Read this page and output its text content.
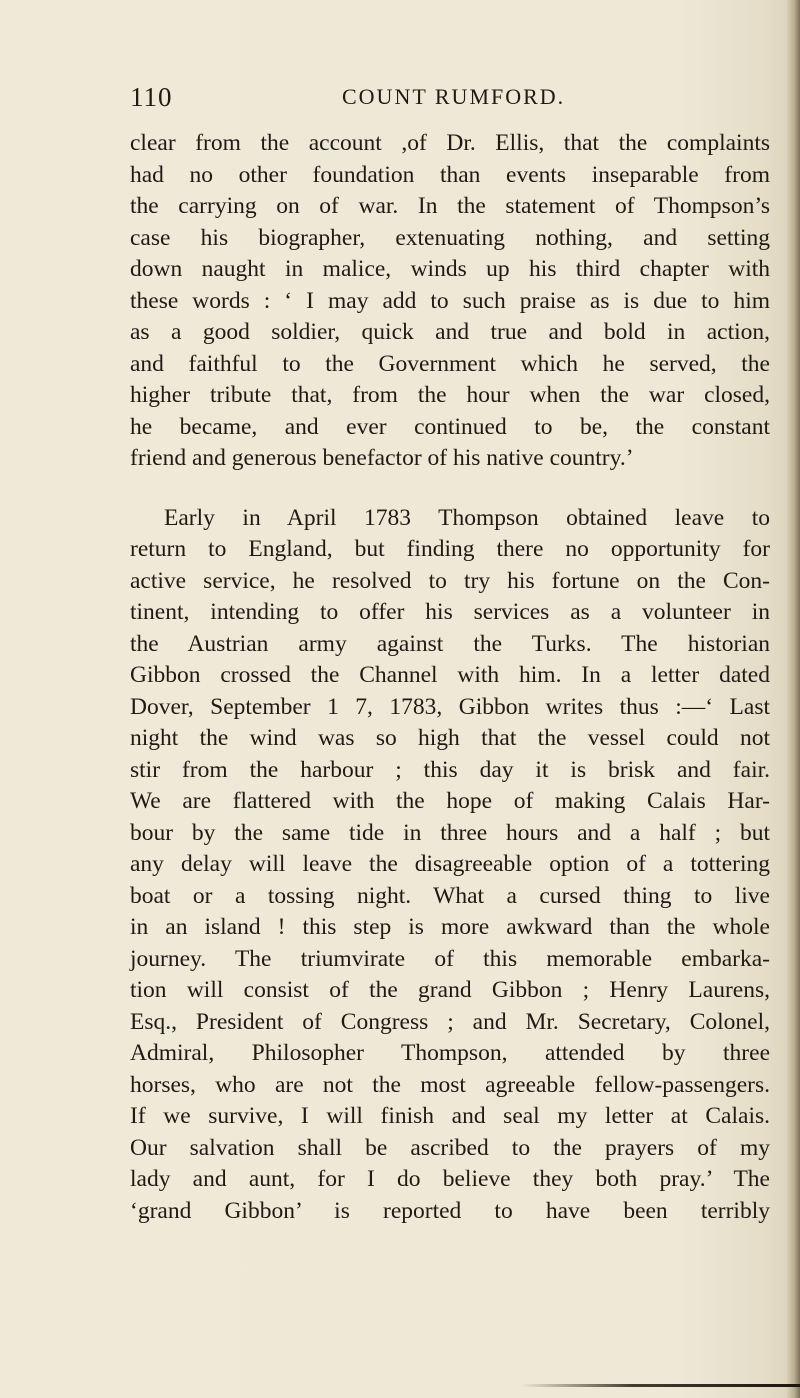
110	COUNT RUMFORD.
clear from the account ,of Dr. Ellis, that the complaints
had no other foundation than events inseparable from
the carrying on of war. In the statement of Thompson’s
case his biographer, extenuating nothing, and setting
down naught in malice, winds up his third chapter with
these words : ‘ I may add to such praise as is due to him
as a good soldier, quick and true and bold in action,
and faithful to the Government which he served, the
higher tribute that, from the hour when the war closed,
he became, and ever continued to be, the constant
friend and generous benefactor of his native country.’
Early in April 1783 Thompson obtained leave to
return to England, but finding there no opportunity for
active service, he resolved to try his fortune on the Con-
tinent, intending to offer his services as a volunteer in
the Austrian army against the Turks. The historian
Gibbon crossed the Channel with him. In a letter dated
Dover, September 1 7, 1783, Gibbon writes thus :—‘ Last
night the wind was so high that the vessel could not
stir from the harbour ; this day it is brisk and fair.
We are flattered with the hope of making Calais Har-
bour by the same tide in three hours and a half ; but
any delay will leave the disagreeable option of a tottering
boat or a tossing night. What a cursed thing to live
in an island ! this step is more awkward than the whole
journey. The triumvirate of this memorable embarka-
tion will consist of the grand Gibbon ; Henry Laurens,
Esq., President of Congress ; and Mr. Secretary, Colonel,
Admiral, Philosopher Thompson, attended by three
horses, who are not the most agreeable fellow-passengers.
If we survive, I will finish and seal my letter at Calais.
Our salvation shall be ascribed to the prayers of my
lady and aunt, for I do believe they both pray.’ The
‘grand Gibbon’ is reported to have been terribly
